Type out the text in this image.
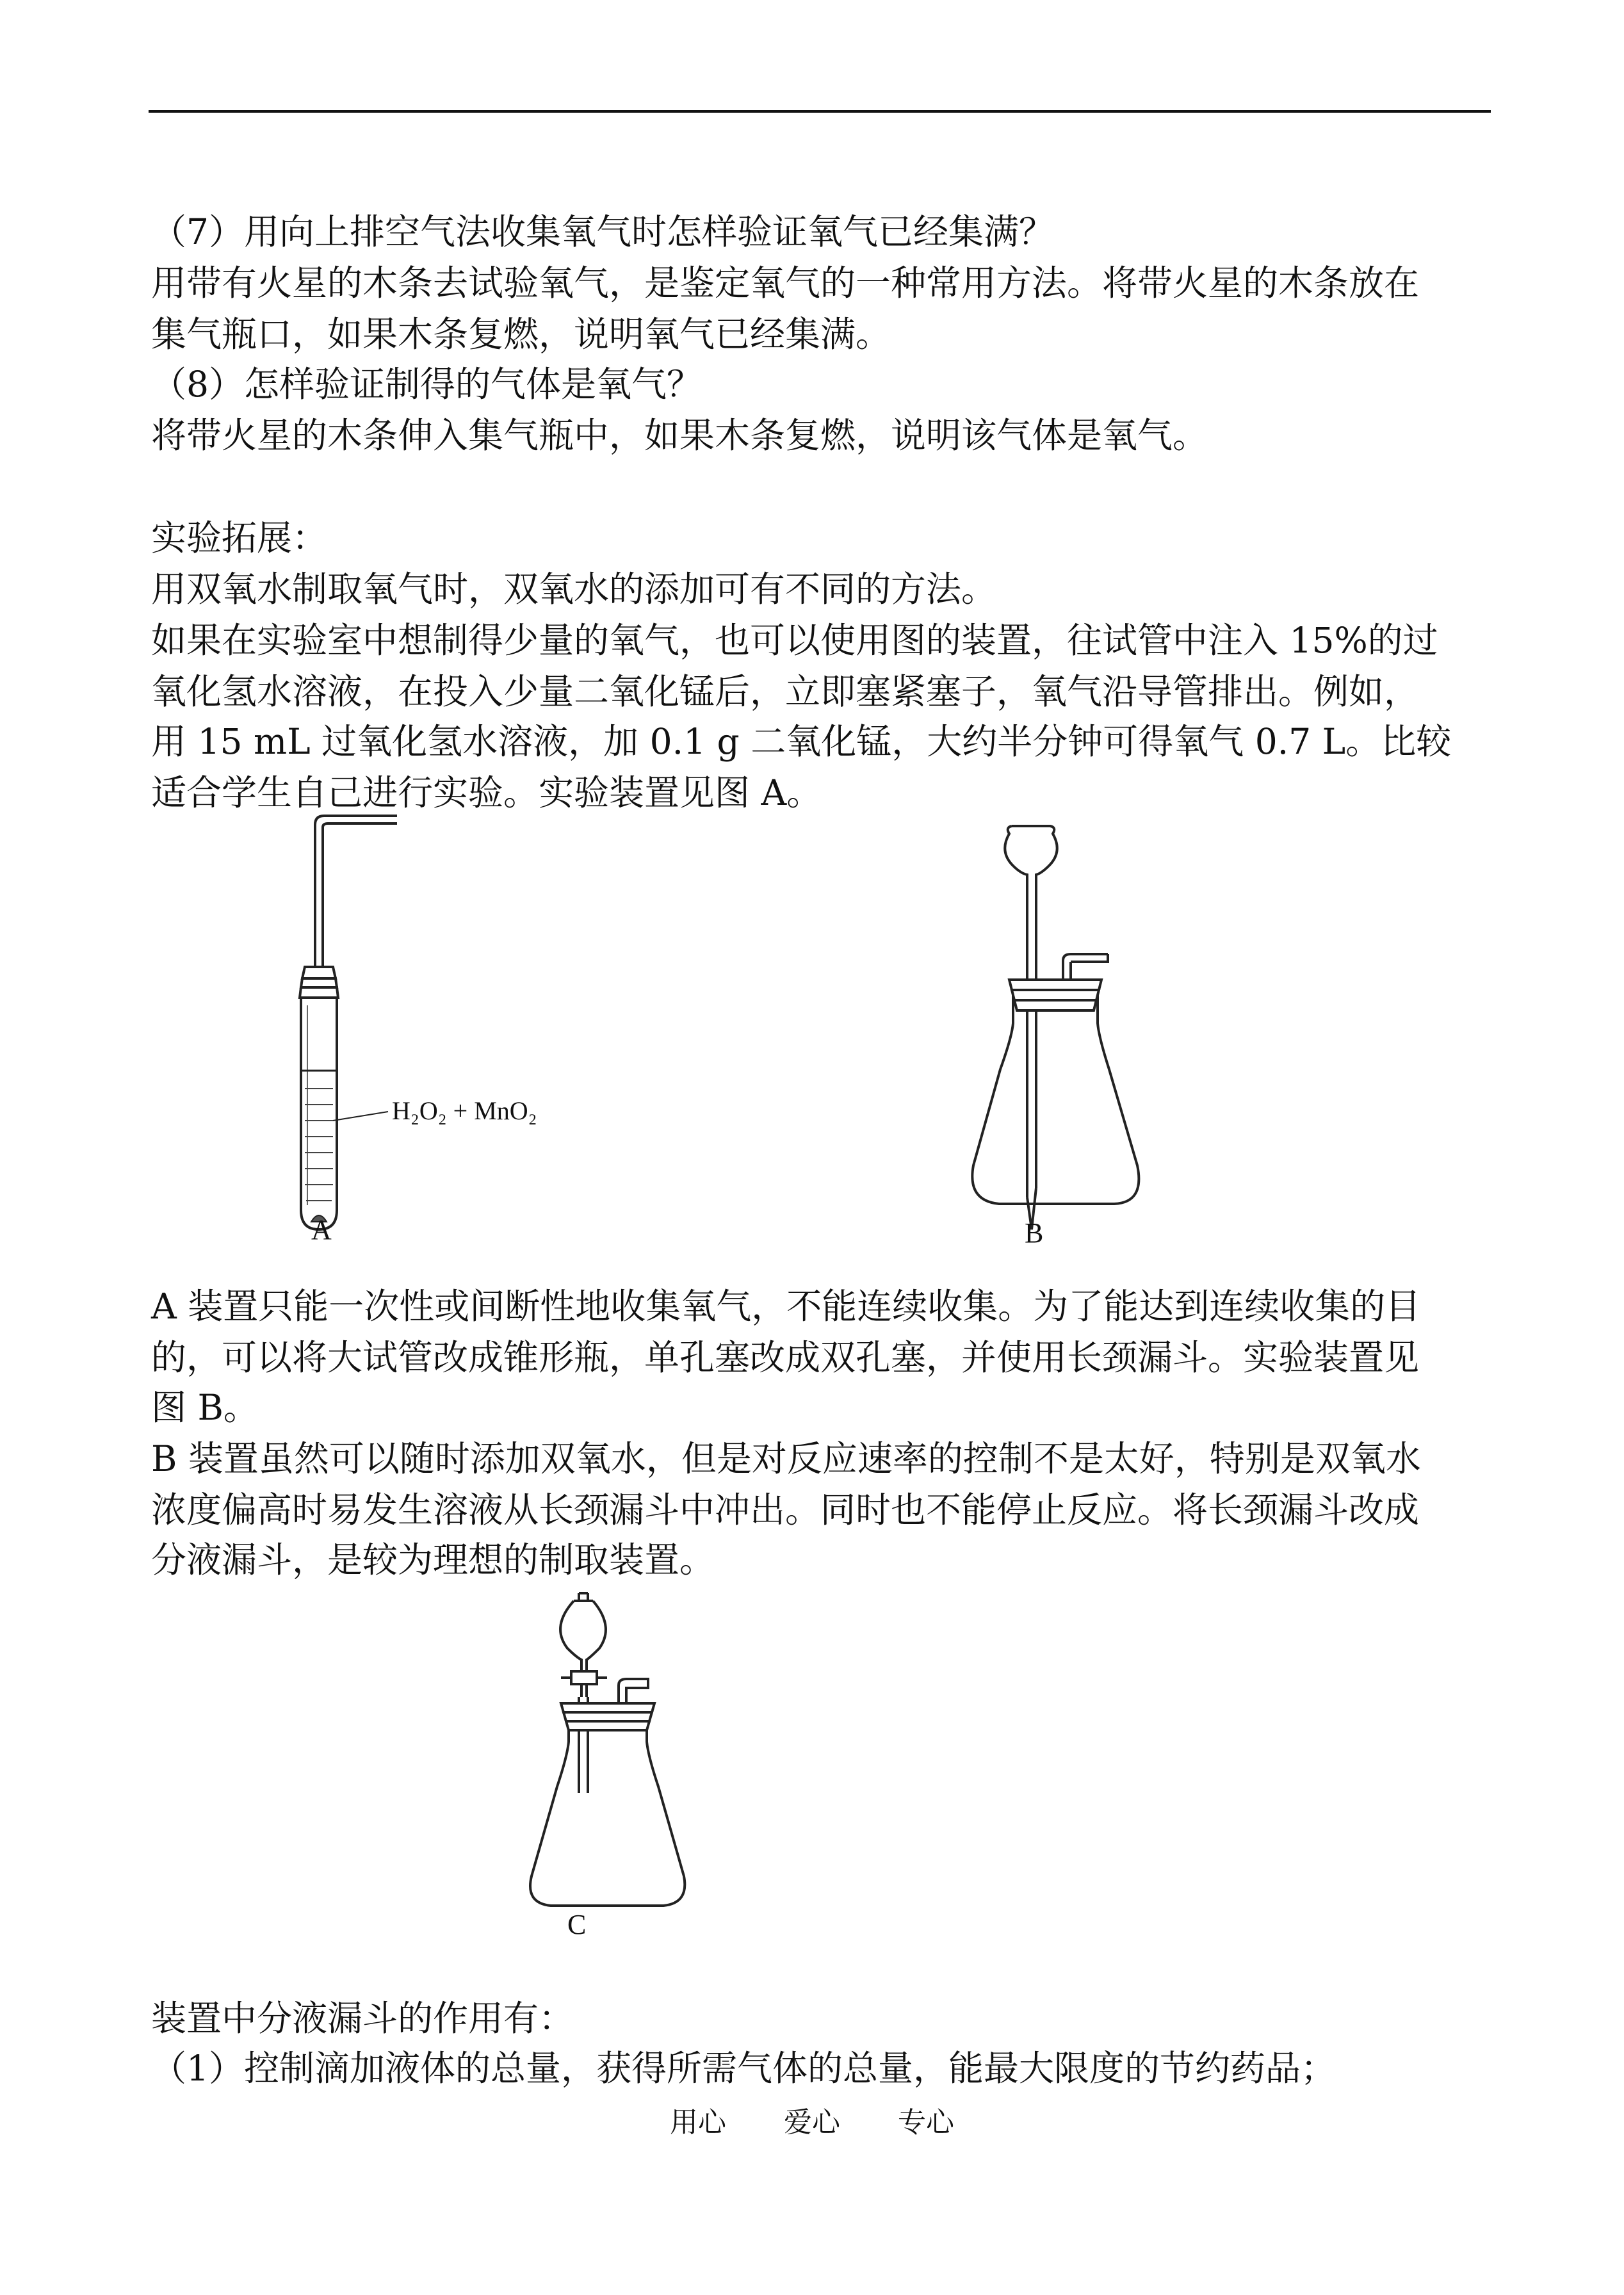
（7）用向上排空气法收集氧气时怎样验证氧气已经集满？

用带有火星的木条去试验氧气，是鉴定氧气的一种常用方法。将带火星的木条放在

集气瓶口，如果木条复燃，说明氧气已经集满。

（8）怎样验证制得的气体是氧气？

将带火星的木条伸入集气瓶中，如果木条复燃，说明该气体是氧气。

实验拓展：

用双氧水制取氧气时，双氧水的添加可有不同的方法。

如果在实验室中想制得少量的氧气，也可以使用图的装置，往试管中注入 15%的过

氧化氢水溶液，在投入少量二氧化锰后，立即塞紧塞子，氧气沿导管排出。例如，

用 15 mL 过氧化氢水溶液，加 0.1 g 二氧化锰，大约半分钟可得氧气 0.7 L。比较

适合学生自己进行实验。实验装置见图 A。

H₂O₂ + MnO₂
A	B

A 装置只能一次性或间断性地收集氧气，不能连续收集。为了能达到连续收集的目

的，可以将大试管改成锥形瓶，单孔塞改成双孔塞，并使用长颈漏斗。实验装置见

图 B。

B 装置虽然可以随时添加双氧水，但是对反应速率的控制不是太好，特别是双氧水

浓度偏高时易发生溶液从长颈漏斗中冲出。同时也不能停止反应。将长颈漏斗改成

分液漏斗，是较为理想的制取装置。

C

装置中分液漏斗的作用有：

（1）控制滴加液体的总量，获得所需气体的总量，能最大限度的节约药品；

用心 爱心 专心
